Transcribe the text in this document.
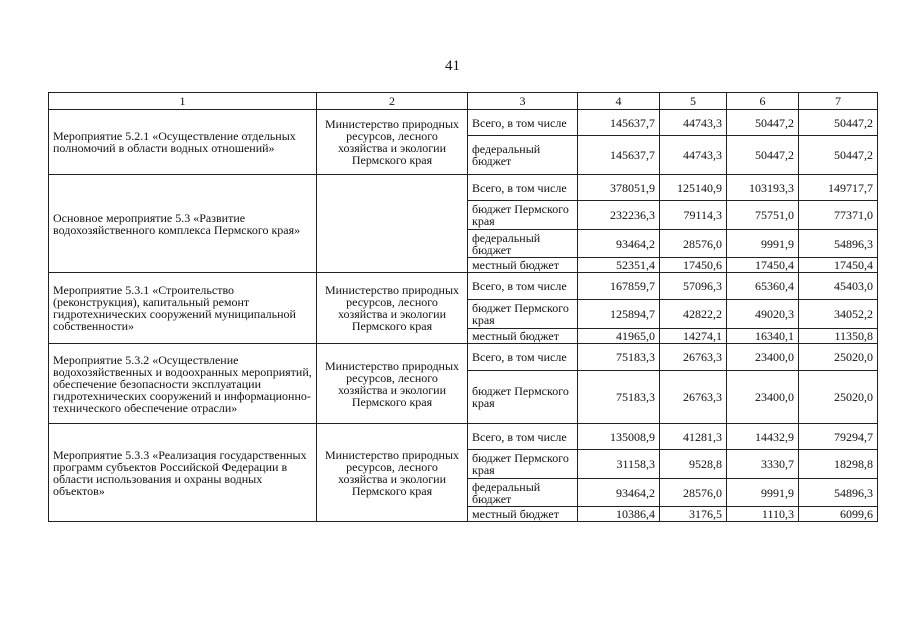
41
1	2	3	4	5	6	7
Мероприятие 5.2.1 «Осуществление отдельных полномочий в области водных отношений»	Министерство природных ресурсов, лесного хозяйства и экологии Пермского края	Всего, в том числе	145637,7	44743,3	50447,2	50447,2
		федеральный бюджет	145637,7	44743,3	50447,2	50447,2
Основное мероприятие 5.3 «Развитие водохозяйственного комплекса Пермского края»		Всего, в том числе	378051,9	125140,9	103193,3	149717,7
		бюджет Пермского края	232236,3	79114,3	75751,0	77371,0
		федеральный бюджет	93464,2	28576,0	9991,9	54896,3
		местный бюджет	52351,4	17450,6	17450,4	17450,4
Мероприятие 5.3.1 «Строительство (реконструкция), капитальный ремонт гидротехнических сооружений муниципальной собственности»	Министерство природных ресурсов, лесного хозяйства и экологии Пермского края	Всего, в том числе	167859,7	57096,3	65360,4	45403,0
		бюджет Пермского края	125894,7	42822,2	49020,3	34052,2
		местный бюджет	41965,0	14274,1	16340,1	11350,8
Мероприятие 5.3.2 «Осуществление водохозяйственных и водоохранных мероприятий, обеспечение безопасности эксплуатации гидротехнических сооружений и информационно-технического обеспечение отрасли»	Министерство природных ресурсов, лесного хозяйства и экологии Пермского края	Всего, в том числе	75183,3	26763,3	23400,0	25020,0
		бюджет Пермского края	75183,3	26763,3	23400,0	25020,0
Мероприятие 5.3.3 «Реализация государственных программ субъектов Российской Федерации в области использования и охраны водных объектов»	Министерство природных ресурсов, лесного хозяйства и экологии Пермского края	Всего, в том числе	135008,9	41281,3	14432,9	79294,7
		бюджет Пермского края	31158,3	9528,8	3330,7	18298,8
		федеральный бюджет	93464,2	28576,0	9991,9	54896,3
		местный бюджет	10386,4	3176,5	1110,3	6099,6
